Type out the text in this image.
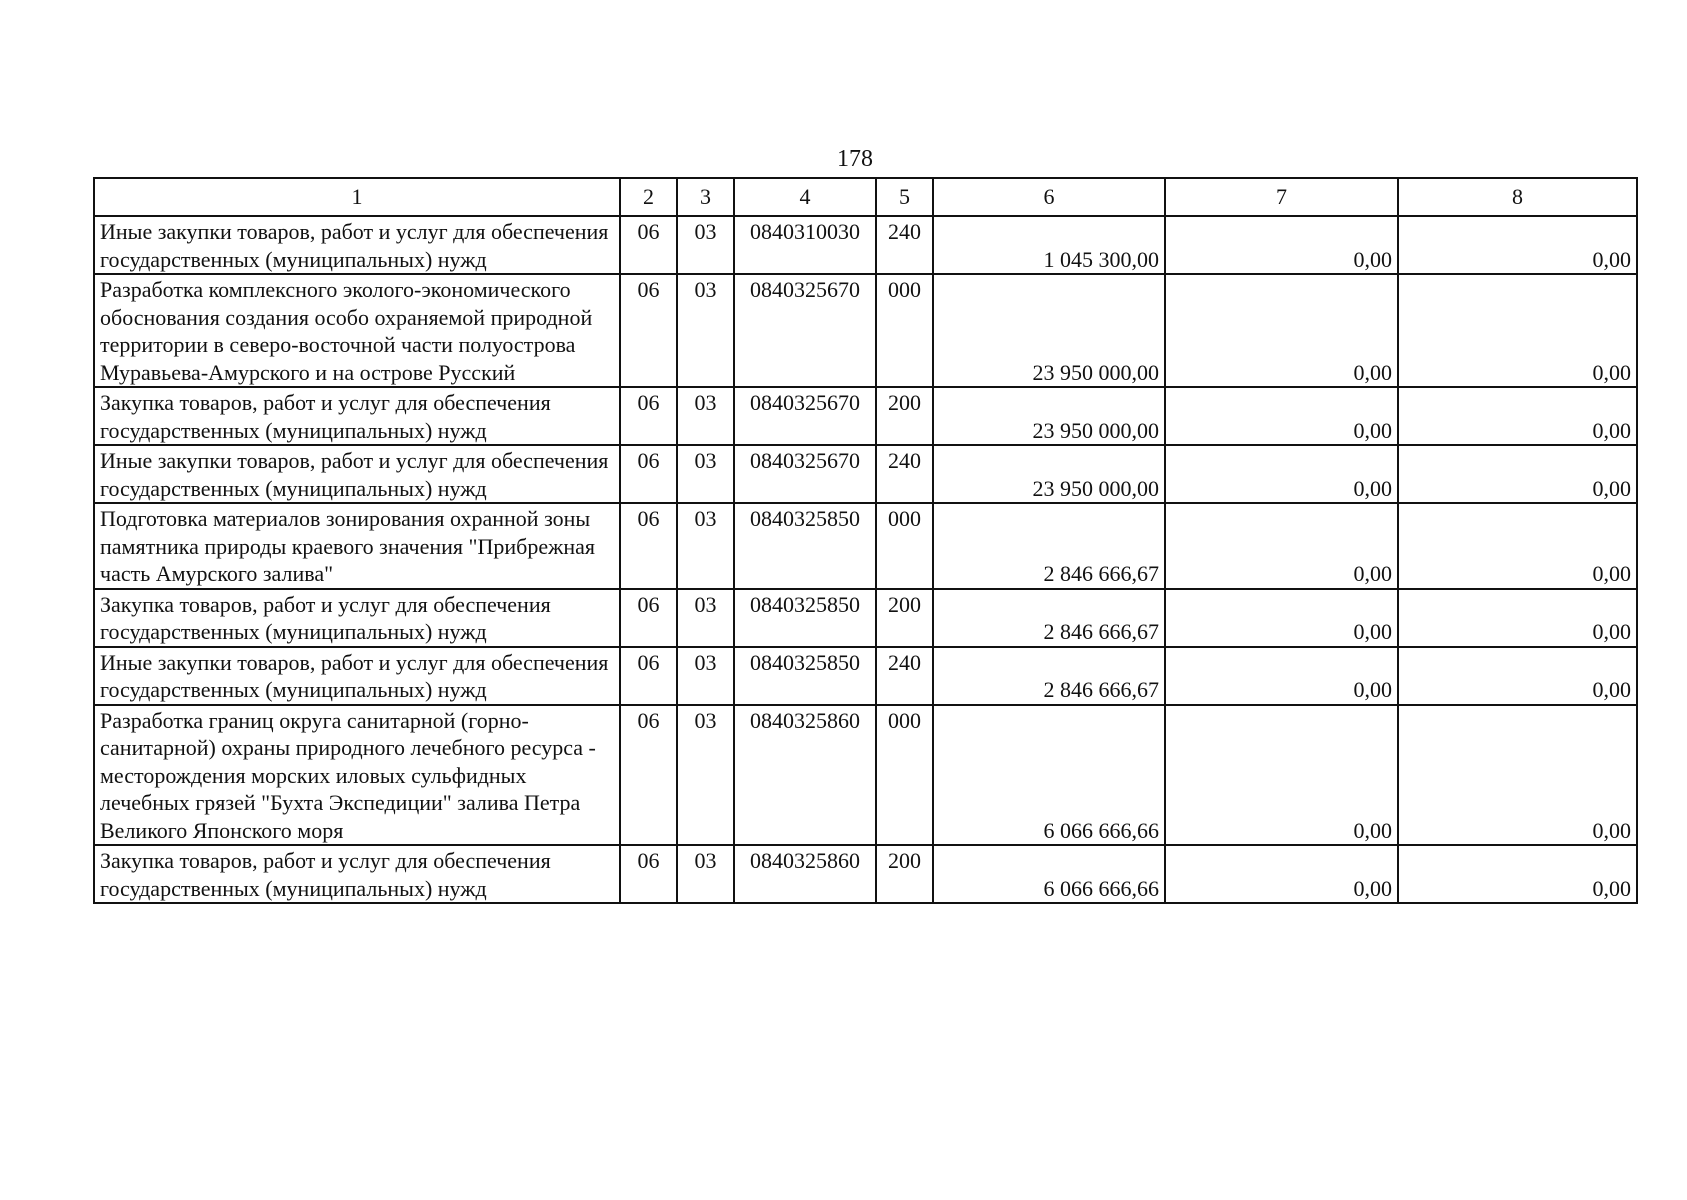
178
1	2	3	4	5	6	7	8
Иные закупки товаров, работ и услуг для обеспечения государственных (муниципальных) нужд	06	03	0840310030	240	1 045 300,00	0,00	0,00
Разработка комплексного эколого-экономического обоснования создания особо охраняемой природной территории в северо-восточной части полуострова Муравьева-Амурского и на острове Русский	06	03	0840325670	000	23 950 000,00	0,00	0,00
Закупка товаров, работ и услуг для обеспечения государственных (муниципальных) нужд	06	03	0840325670	200	23 950 000,00	0,00	0,00
Иные закупки товаров, работ и услуг для обеспечения государственных (муниципальных) нужд	06	03	0840325670	240	23 950 000,00	0,00	0,00
Подготовка материалов зонирования охранной зоны памятника природы краевого значения "Прибрежная часть Амурского залива"	06	03	0840325850	000	2 846 666,67	0,00	0,00
Закупка товаров, работ и услуг для обеспечения государственных (муниципальных) нужд	06	03	0840325850	200	2 846 666,67	0,00	0,00
Иные закупки товаров, работ и услуг для обеспечения государственных (муниципальных) нужд	06	03	0840325850	240	2 846 666,67	0,00	0,00
Разработка границ округа санитарной (горно-санитарной) охраны природного лечебного ресурса - месторождения морских иловых сульфидных лечебных грязей "Бухта Экспедиции" залива Петра Великого Японского моря	06	03	0840325860	000	6 066 666,66	0,00	0,00
Закупка товаров, работ и услуг для обеспечения государственных (муниципальных) нужд	06	03	0840325860	200	6 066 666,66	0,00	0,00
